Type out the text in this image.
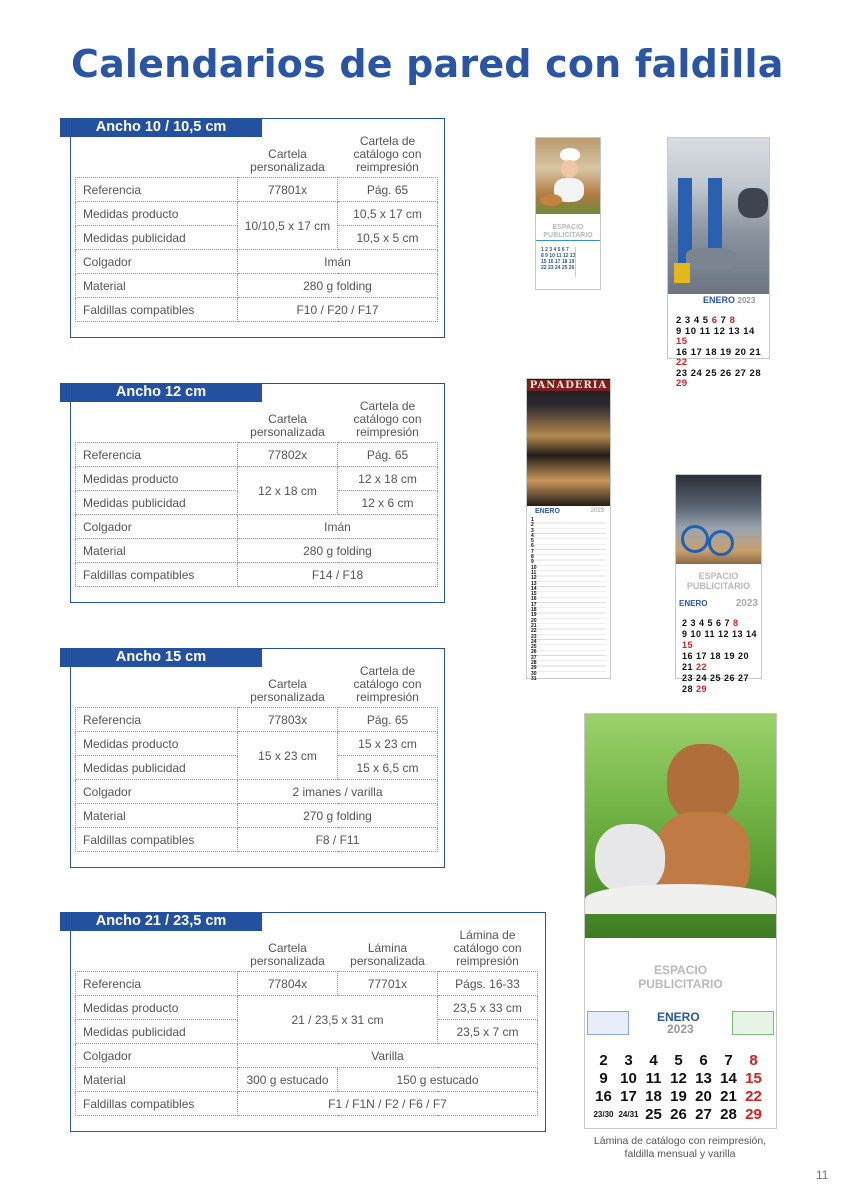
Calendarios de pared con faldilla
Ancho 10 / 10,5 cm
	Cartela personalizada	Cartela de catálogo con reimpresión
Referencia	77801x	Pág. 65
Medidas producto	10/10,5 x 17 cm	10,5 x 17 cm
Medidas publicidad		10,5 x 5 cm
Colgador	Imán	
Material	280 g folding	
Faldillas compatibles	F10 / F20 / F17	
Ancho 12 cm
	Cartela personalizada	Cartela de catálogo con reimpresión
Referencia	77802x	Pág. 65
Medidas producto	12 x 18 cm	12 x 18 cm
Medidas publicidad		12 x 6 cm
Colgador	Imán	
Material	280 g folding	
Faldillas compatibles	F14 / F18	
Ancho 15 cm
	Cartela personalizada	Cartela de catálogo con reimpresión
Referencia	77803x	Pág. 65
Medidas producto	15 x 23 cm	15 x 23 cm
Medidas publicidad		15 x 6,5 cm
Colgador	2 imanes / varilla	
Material	270 g folding	
Faldillas compatibles	F8 / F11	
Ancho 21 / 23,5 cm
	Cartela personalizada	Lámina personalizada	Lámina de catálogo con reimpresión
Referencia	77804x	77701x	Págs. 16-33
Medidas producto	21 / 23,5 x 31 cm		23,5 x 33 cm
Medidas publicidad			23,5 x 7 cm
Colgador	Varilla		
Material	300 g estucado	150 g estucado	
Faldillas compatibles	F1 / F1N / F2 / F6 / F7		
ESPACIO
PUBLICITARIO
1 2 3 4 5 6 7
8 9 10 11 12 13
15 16 17 18 19
22 23 24 25 26
ENERO 2023
2 3 4 5 6 7 8
9 10 11 12 13 14 15
16 17 18 19 20 21 22
23 24 25 26 27 28 29
PANADERIA
ENERO	2023
1
2
3
4
5
6
7
8
9
10
11
12
13
14
15
16
17
18
19
20
21
22
23
24
25
26
27
28
29
30
31
ESPACIO
PUBLICITARIO
ENERO	2023
2 3 4 5 6 7 8
9 10 11 12 13 14 15
16 17 18 19 20 21 22
23 24 25 26 27 28 29
ESPACIO
PUBLICITARIO
ENERO
2023
2	3	4	5	6	7	8
9 10 11 12 13 14 15
16 17 18 19 20 21 22
23/30 24/31 25 26 27 28 29
Lámina de catálogo con reimpresión,
faldilla mensual y varilla
11
